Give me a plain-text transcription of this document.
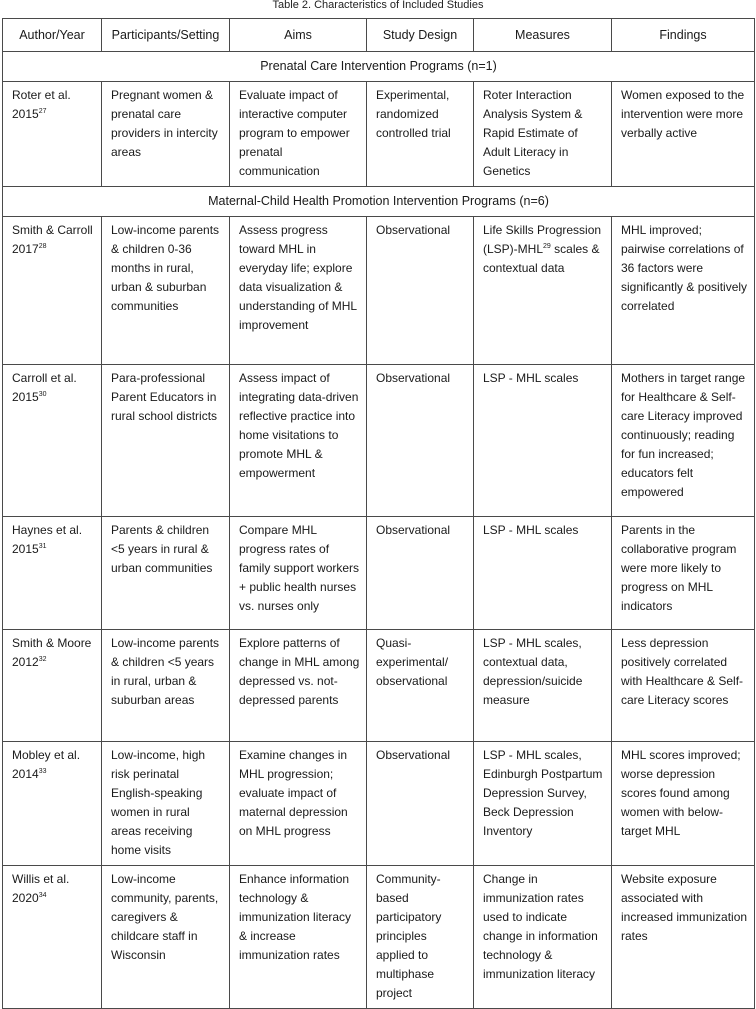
Table 2. Characteristics of Included Studies
Author/Year	Participants/Setting	Aims	Study Design	Measures	Findings
Prenatal Care Intervention Programs (n=1)					
Roter et al. 2015$^{27}$	Pregnant women & prenatal care providers in intercity areas	Evaluate impact of interactive computer program to empower prenatal communication	Experimental, randomized controlled trial	Roter Interaction Analysis System & Rapid Estimate of Adult Literacy in Genetics	Women exposed to the intervention were more verbally active
Maternal-Child Health Promotion Intervention Programs (n=6)					
Smith & Carroll 2017$^{28}$	Low-income parents & children 0-36 months in rural, urban & suburban communities	Assess progress toward MHL in everyday life; explore data visualization & understanding of MHL improvement	Observational	Life Skills Progression (LSP)-MHL$^{29}$ scales & contextual data	MHL improved; pairwise correlations of 36 factors were significantly & positively correlated
Carroll et al. 2015$^{30}$	Para-professional Parent Educators in rural school districts	Assess impact of integrating data-driven reflective practice into home visitations to promote MHL & empowerment	Observational	LSP - MHL scales	Mothers in target range for Healthcare & Self-care Literacy improved continuously; reading for fun increased; educators felt empowered
Haynes et al. 2015$^{31}$	Parents & children <5 years in rural & urban communities	Compare MHL progress rates of family support workers + public health nurses vs. nurses only	Observational	LSP - MHL scales	Parents in the collaborative program were more likely to progress on MHL indicators
Smith & Moore 2012$^{32}$	Low-income parents & children <5 years in rural, urban & suburban areas	Explore patterns of change in MHL among depressed vs. not-depressed parents	Quasi-experimental/ observational	LSP - MHL scales, contextual data, depression/suicide measure	Less depression positively correlated with Healthcare & Self-care Literacy scores
Mobley et al. 2014$^{33}$	Low-income, high risk perinatal English-speaking women in rural areas receiving home visits	Examine changes in MHL progression; evaluate impact of maternal depression on MHL progress	Observational	LSP - MHL scales, Edinburgh Postpartum Depression Survey, Beck Depression Inventory	MHL scores improved; worse depression scores found among women with below-target MHL
Willis et al. 2020$^{34}$	Low-income community, parents, caregivers & childcare staff in Wisconsin	Enhance information technology & immunization literacy & increase immunization rates	Community-based participatory principles applied to multiphase project	Change in immunization rates used to indicate change in information technology & immunization literacy	Website exposure associated with increased immunization rates
